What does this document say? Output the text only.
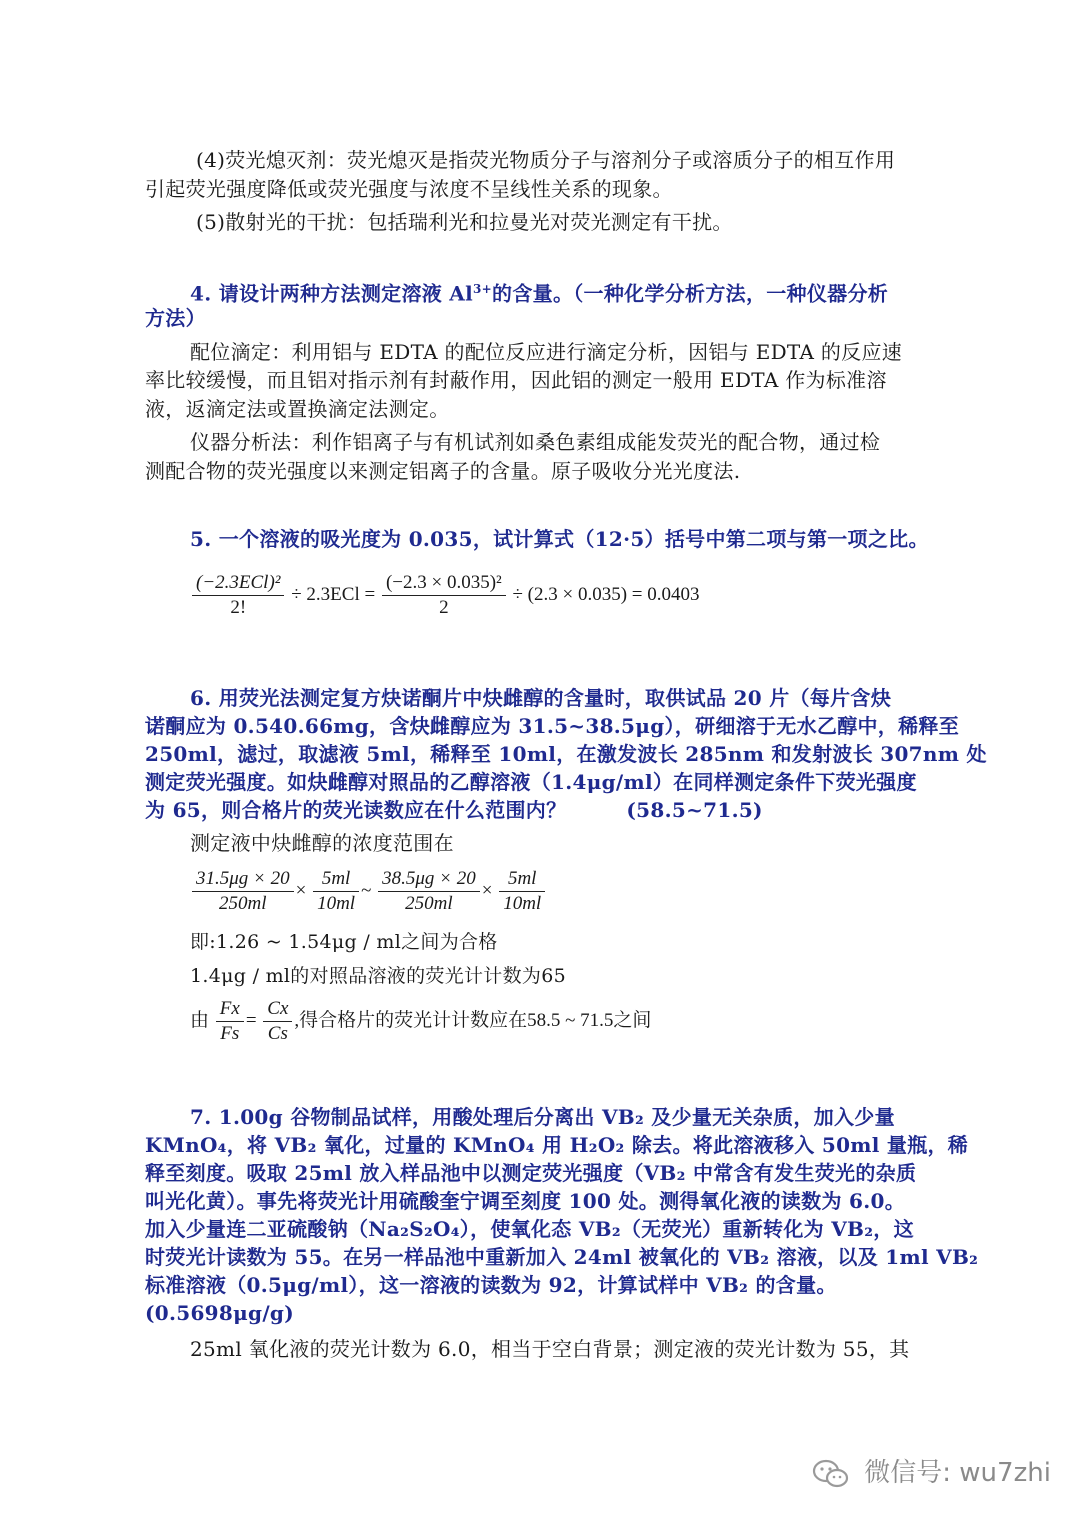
(4)荧光熄灭剂：荧光熄灭是指荧光物质分子与溶剂分子或溶质分子的相互作用
引起荧光强度降低或荧光强度与浓度不呈线性关系的现象。
(5)散射光的干扰：包括瑞利光和拉曼光对荧光测定有干扰。
4. 请设计两种方法测定溶液 $Al^{3+}$的含量。（一种化学分析方法，一种仪器分析
方法）
配位滴定：利用铝与 EDTA 的配位反应进行滴定分析，因铝与 EDTA 的反应速
率比较缓慢，而且铝对指示剂有封蔽作用，因此铝的测定一般用 EDTA 作为标准溶
液，返滴定法或置换滴定法测定。
仪器分析法：利作铝离子与有机试剂如桑色素组成能发荧光的配合物，通过检
测配合物的荧光强度以来测定铝离子的含量。原子吸收分光光度法.
5. 一个溶液的吸光度为 0.035，试计算式（12·5）括号中第二项与第一项之比。
$\frac{\text{(−2.3ECl)²}}{2!} \div 2.3ECl = \frac{\text{(−2.3 × 0.035)²}}{2} \div (2.3 \times 0.035) = 0.0403$
6. 用荧光法测定复方炔诺酮片中炔雌醇的含量时，取供试品 20 片（每片含炔
诺酮应为 0.540.66mg，含炔雌醇应为 31.5~38.5μg），研细溶于无水乙醇中，稀释至
250ml，滤过，取滤液 5ml，稀释至 10ml，在激发波长 285nm 和发射波长 307nm 处
测定荧光强度。如炔雌醇对照品的乙醇溶液（1.4μg/ml）在同样测定条件下荧光强度
为 65，则合格片的荧光读数应在什么范围内？	(58.5~71.5)
测定液中炔雌醇的浓度范围在
$\frac{31.5\mu g \times 20}{250ml} \times \frac{5ml}{10ml}$ ~ $\frac{38.5\mu g \times 20}{250ml} \times \frac{5ml}{10ml}$
即:1.26 ~ 1.54μg / ml之间为合格
1.4μg / ml的对照品溶液的荧光计计数为65
由 $\frac{Fx}{Fs} = \frac{Cx}{Cs}$ ,得合格片的荧光计计数应在58.5 ~ 71.5之间
7. 1.00g 谷物制品试样，用酸处理后分离出 VB₂ 及少量无关杂质，加入少量
KMnO₄，将 VB₂ 氧化，过量的 KMnO₄ 用 H₂O₂ 除去。将此溶液移入 50ml 量瓶，稀
释至刻度。吸取 25ml 放入样品池中以测定荧光强度（VB₂ 中常含有发生荧光的杂质
叫光化黄）。事先将荧光计用硫酸奎宁调至刻度 100 处。测得氧化液的读数为 6.0。
加入少量连二亚硫酸钠（Na₂S₂O₄），使氧化态 VB₂（无荧光）重新转化为 VB₂，这
时荧光计读数为 55。在另一样品池中重新加入 24ml 被氧化的 VB₂ 溶液，以及 1ml VB₂
标准溶液（0.5μg/ml），这一溶液的读数为 92，计算试样中 VB₂ 的含量。
(0.5698μg/g)
25ml 氧化液的荧光计数为 6.0，相当于空白背景；测定液的荧光计数为 55，其
微信号: wu7zhi
